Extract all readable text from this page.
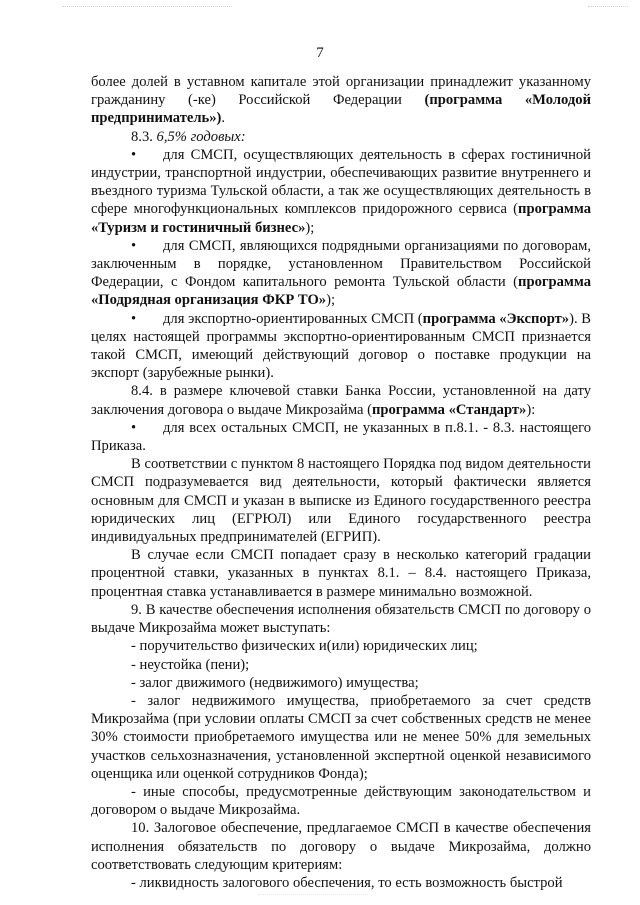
7

более долей в уставном капитале этой организации принадлежит указанному гражданину (-ке) Российской Федерации (программа «Молодой предприниматель»).

8.3. 6,5% годовых:

• для СМСП, осуществляющих деятельность в сферах гостиничной индустрии, транспортной индустрии, обеспечивающих развитие внутреннего и въездного туризма Тульской области, а так же осуществляющих деятельность в сфере многофункциональных комплексов придорожного сервиса (программа «Туризм и гостиничный бизнес»);

• для СМСП, являющихся подрядными организациями по договорам, заключенным в порядке, установленном Правительством Российской Федерации, с Фондом капитального ремонта Тульской области (программа «Подрядная организация ФКР ТО»);

• для экспортно-ориентированных СМСП (программа «Экспорт»). В целях настоящей программы экспортно-ориентированным СМСП признается такой СМСП, имеющий действующий договор о поставке продукции на экспорт (зарубежные рынки).

8.4. в размере ключевой ставки Банка России, установленной на дату заключения договора о выдаче Микрозайма (программа «Стандарт»):

• для всех остальных СМСП, не указанных в п.8.1. - 8.3. настоящего Приказа.

В соответствии с пунктом 8 настоящего Порядка под видом деятельности СМСП подразумевается вид деятельности, который фактически является основным для СМСП и указан в выписке из Единого государственного реестра юридических лиц (ЕГРЮЛ) или Единого государственного реестра индивидуальных предпринимателей (ЕГРИП).

В случае если СМСП попадает сразу в несколько категорий градации процентной ставки, указанных в пунктах 8.1. – 8.4. настоящего Приказа, процентная ставка устанавливается в размере минимально возможной.

9. В качестве обеспечения исполнения обязательств СМСП по договору о выдаче Микрозайма может выступать:

- поручительство физических и(или) юридических лиц;

- неустойка (пени);

- залог движимого (недвижимого) имущества;

- залог недвижимого имущества, приобретаемого за счет средств Микрозайма (при условии оплаты СМСП за счет собственных средств не менее 30% стоимости приобретаемого имущества или не менее 50% для земельных участков сельхозназначения, установленной экспертной оценкой независимого оценщика или оценкой сотрудников Фонда);

- иные способы, предусмотренные действующим законодательством и договором о выдаче Микрозайма.

10. Залоговое обеспечение, предлагаемое СМСП в качестве обеспечения исполнения обязательств по договору о выдаче Микрозайма, должно соответствовать следующим критериям:

- ликвидность залогового обеспечения, то есть возможность быстрой
